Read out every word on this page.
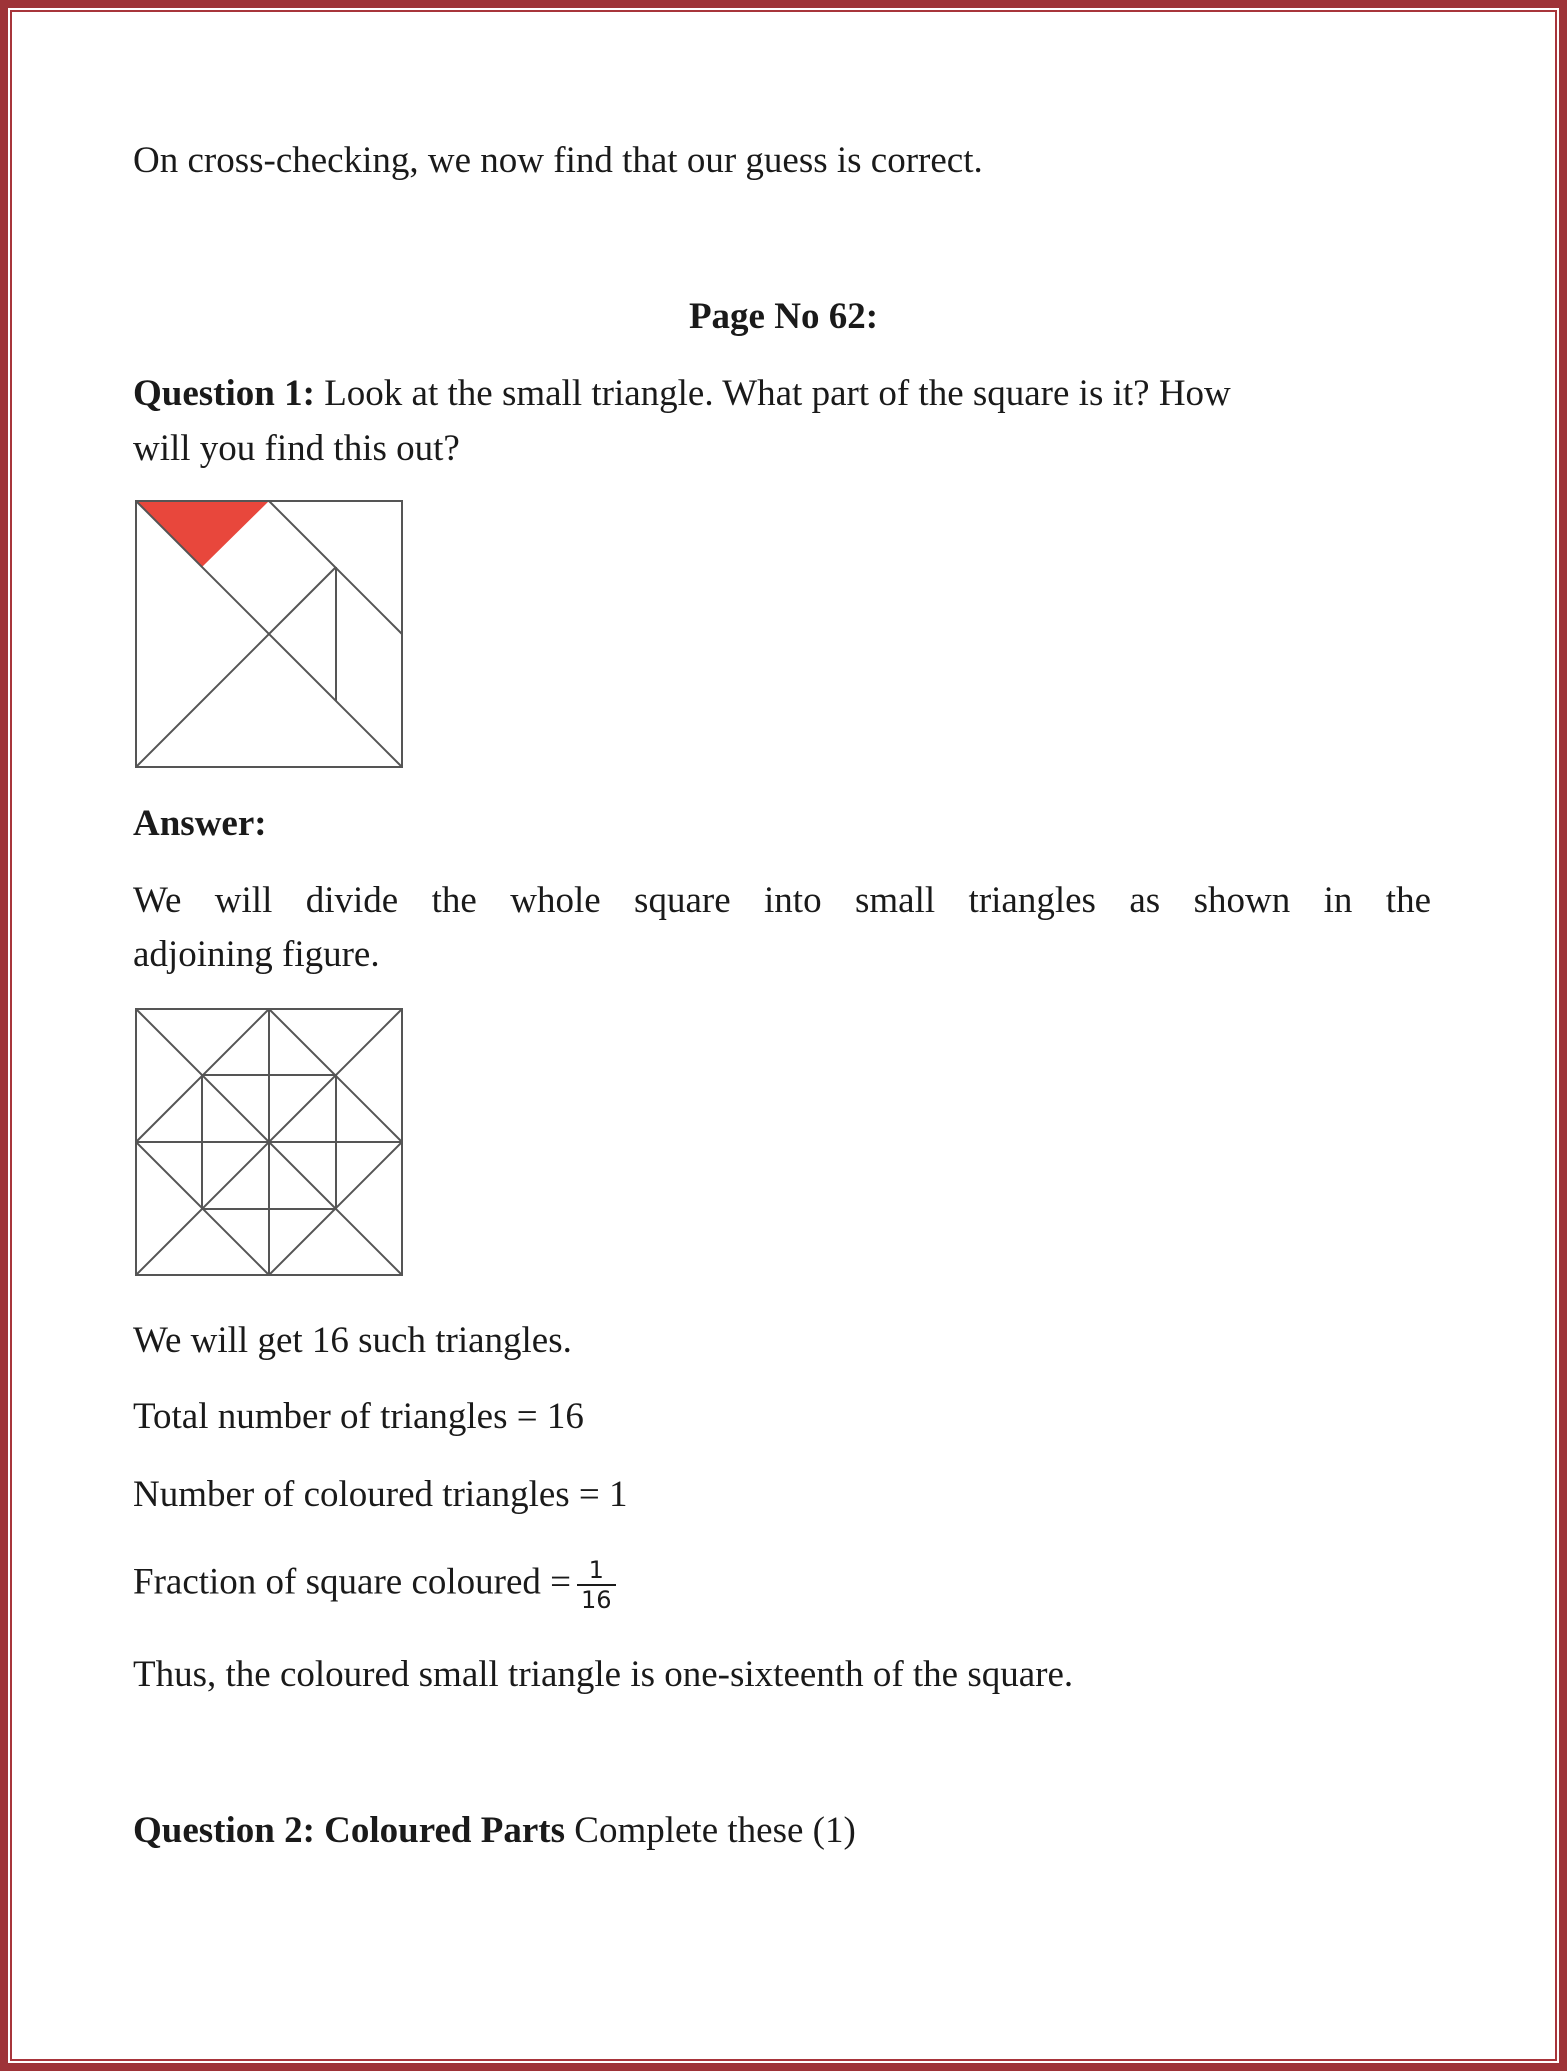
On cross-checking, we now find that our guess is correct.
Page No 62:
Question 1: Look at the small triangle. What part of the square is it? How
will you find this out?
Answer:
We will divide the whole square into small triangles as shown in the
adjoining figure.
We will get 16 such triangles.
Total number of triangles = 16
Number of coloured triangles = 1
Fraction of square coloured = $\frac{1}{16}$
Thus, the coloured small triangle is one-sixteenth of the square.
Question 2: Coloured Parts Complete these (1)
